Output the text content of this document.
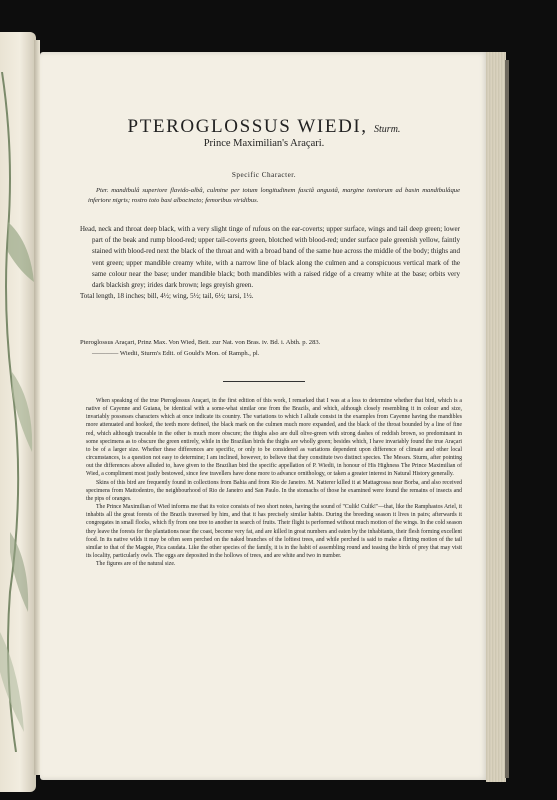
PTEROGLOSSUS WIEDI, Sturm.
Prince Maximilian's Araçari.
Specific Character.
Pter. mandibulâ superiore flavido-albâ, culmine per totum longitudinem fasciâ angustâ, margine tomiorum ad basin mandibulâque inferiore nigris; rostro toto basi albocincto; femoribus viridibus.
Head, neck and throat deep black, with a very slight tinge of rufous on the ear-coverts; upper surface, wings and tail deep green; lower part of the beak and rump blood-red; upper tail-coverts green, blotched with blood-red; under surface pale greenish yellow, faintly stained with blood-red next the black of the throat and with a broad band of the same hue across the middle of the body; thighs and vent green; upper mandible creamy white, with a narrow line of black along the culmen and a conspicuous vertical mark of the same colour near the base; under mandible black; both mandibles with a raised ridge of a creamy white at the base; orbits very dark blackish grey; irides dark brown; legs greyish green.
Total length, 18 inches; bill, 4½; wing, 5½; tail, 6½; tarsi, 1½.
Pteroglossus Araçari, Prinz Max. Von Wied, Beit. zur Nat. von Bras. iv. Bd. i. Abth. p. 283.
———— Wiedii, Sturm's Edit. of Gould's Mon. of Ramph., pl.

When speaking of the true Pteroglossus Araçari, in the first edition of this work, I remarked that I was at a loss to determine whether that bird, which is a native of Cayenne and Guiana, be identical with a some-what similar one from the Brazils, and which, although closely resembling it in colour and size, invariably possesses characters which at once indicate its country. The variations to which I allude consist in the examples from Cayenne having the mandibles more attenuated and hooked, the teeth more defined, the black mark on the culmen much more expanded, and the black of the throat bounded by a line of fine red, which although traceable in the other is much more obscure; the thighs also are dull olive-green with strong dashes of reddish brown, so predominant in some specimens as to obscure the green entirely, while in the Brazilian birds the thighs are wholly green; besides which, I have invariably found the true Araçari to be of a larger size. Whether these differences are specific, or only to be considered as variations dependent upon difference of climate and other local circumstances, is a question not easy to determine; I am inclined, however, to believe that they constitute two distinct species. The Messrs. Sturm, after pointing out the differences above alluded to, have given to the Brazilian bird the specific appellation of P. Wiedii, in honour of His Highness The Prince Maximilian of Wied, a compliment most justly bestowed, since few travellers have done more to advance ornithology, or taken a greater interest in Natural History generally.

Skins of this bird are frequently found in collections from Bahia and from Rio de Janeiro. M. Natterer killed it at Mattagrossa near Borba, and also received specimens from Mattodentro, the neighbourhood of Rio de Janeiro and San Paulo. In the stomachs of those he examined were found the remains of insects and the pips of oranges.

The Prince Maximilian of Wied informs me that its voice consists of two short notes, having the sound of "Culik! Culik!"—that, like the Ramphastos Ariel, it inhabits all the great forests of the Brazils traversed by him, and that it has precisely similar habits. During the breeding season it lives in pairs; afterwards it congregates in small flocks, which fly from one tree to another in search of fruits. Their flight is performed without much motion of the wings. In the cold season they leave the forests for the plantations near the coast, become very fat, and are killed in great numbers and eaten by the inhabitants, their flesh forming excellent food. In its native wilds it may be often seen perched on the naked branches of the loftiest trees, and while perched is said to make a flirting motion of the tail similar to that of the Magpie, Pica caudata. Like the other species of the family, it is in the habit of assembling round and teasing the birds of prey that may visit its locality, particularly owls. The eggs are deposited in the hollows of trees, and are white and two in number.

The figures are of the natural size.
